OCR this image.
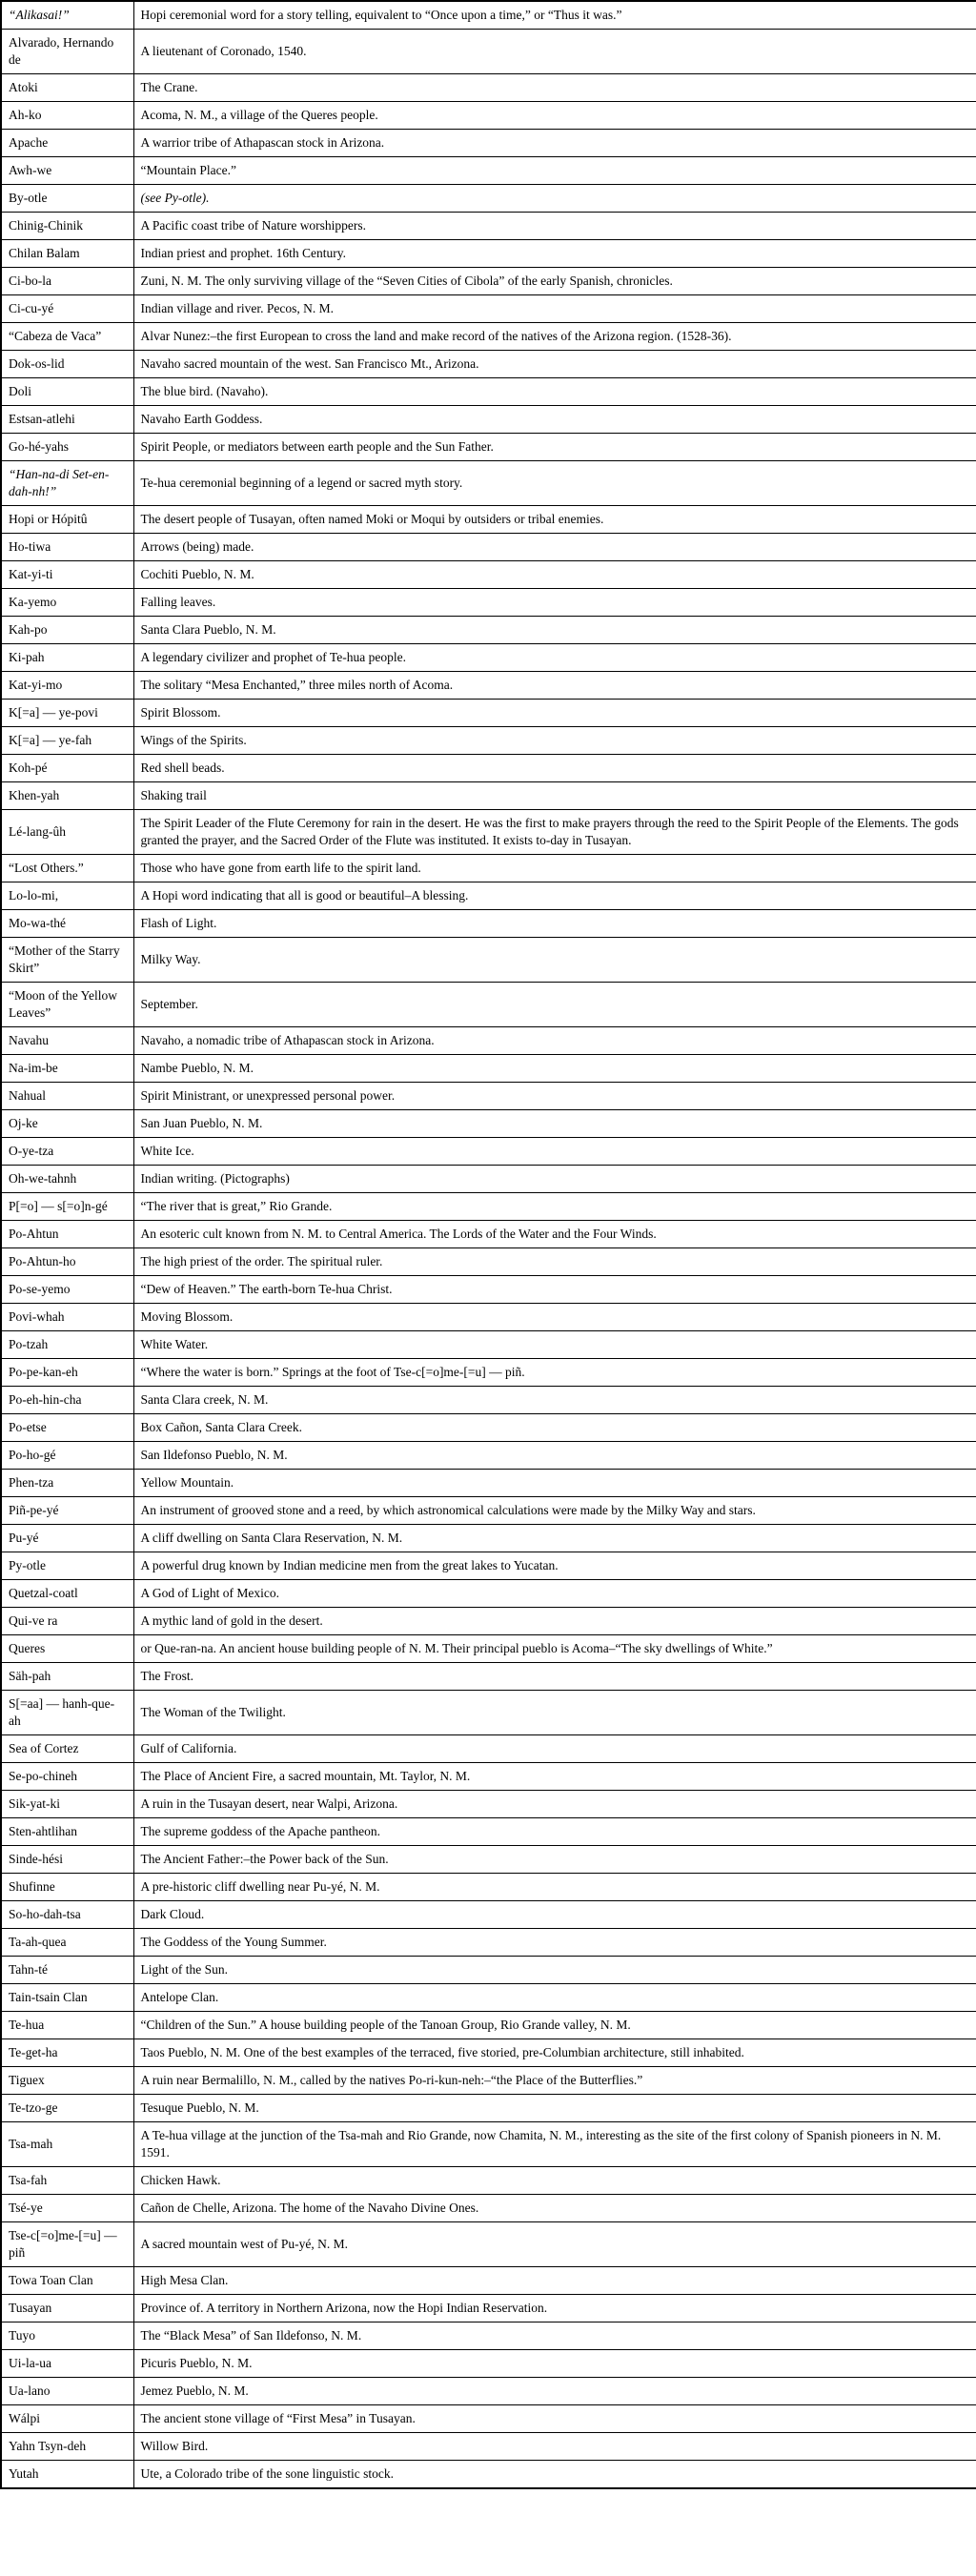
“Alikasai!”	Hopi ceremonial word for a story telling, equivalent to “Once upon a time,” or “Thus it was.”
Alvarado, Hernando de	A lieutenant of Coronado, 1540.
Atoki	The Crane.
Ah-ko	Acoma, N. M., a village of the Queres people.
Apache	A warrior tribe of Athapascan stock in Arizona.
Awh-we	“Mountain Place.”
By-otle	(see Py-otle).
Chinig-Chinik	A Pacific coast tribe of Nature worshippers.
Chilan Balam	Indian priest and prophet. 16th Century.
Ci-bo-la	Zuni, N. M. The only surviving village of the “Seven Cities of Cibola” of the early Spanish, chronicles.
Ci-cu-yé	Indian village and river. Pecos, N. M.
“Cabeza de Vaca”	Alvar Nunez:–the first European to cross the land and make record of the natives of the Arizona region. (1528-36).
Dok-os-lid	Navaho sacred mountain of the west. San Francisco Mt., Arizona.
Doli	The blue bird. (Navaho).
Estsan-atlehi	Navaho Earth Goddess.
Go-hé-yahs	Spirit People, or mediators between earth people and the Sun Father.
“Han-na-di Set-en-dah-nh!”	Te-hua ceremonial beginning of a legend or sacred myth story.
Hopi or Hópitû	The desert people of Tusayan, often named Moki or Moqui by outsiders or tribal enemies.
Ho-tiwa	Arrows (being) made.
Kat-yi-ti	Cochiti Pueblo, N. M.
Ka-yemo	Falling leaves.
Kah-po	Santa Clara Pueblo, N. M.
Ki-pah	A legendary civilizer and prophet of Te-hua people.
Kat-yi-mo	The solitary “Mesa Enchanted,” three miles north of Acoma.
K[=a] — ye-povi	Spirit Blossom.
K[=a] — ye-fah	Wings of the Spirits.
Koh-pé	Red shell beads.
Khen-yah	Shaking trail
Lé-lang-ûh	The Spirit Leader of the Flute Ceremony for rain in the desert. He was the first to make prayers through the reed to the Spirit People of the Elements. The gods granted the prayer, and the Sacred Order of the Flute was instituted. It exists to-day in Tusayan.
“Lost Others.”	Those who have gone from earth life to the spirit land.
Lo-lo-mi,	A Hopi word indicating that all is good or beautiful–A blessing.
Mo-wa-thé	Flash of Light.
“Mother of the Starry Skirt”	Milky Way.
“Moon of the Yellow Leaves”	September.
Navahu	Navaho, a nomadic tribe of Athapascan stock in Arizona.
Na-im-be	Nambe Pueblo, N. M.
Nahual	Spirit Ministrant, or unexpressed personal power.
Oj-ke	San Juan Pueblo, N. M.
O-ye-tza	White Ice.
Oh-we-tahnh	Indian writing. (Pictographs)
P[=o] — s[=o]n-gé	“The river that is great,” Rio Grande.
Po-Ahtun	An esoteric cult known from N. M. to Central America. The Lords of the Water and the Four Winds.
Po-Ahtun-ho	The high priest of the order. The spiritual ruler.
Po-se-yemo	“Dew of Heaven.” The earth-born Te-hua Christ.
Povi-whah	Moving Blossom.
Po-tzah	White Water.
Po-pe-kan-eh	“Where the water is born.” Springs at the foot of Tse-c[=o]me-[=u] — piñ.
Po-eh-hin-cha	Santa Clara creek, N. M.
Po-etse	Box Cañon, Santa Clara Creek.
Po-ho-gé	San Ildefonso Pueblo, N. M.
Phen-tza	Yellow Mountain.
Piñ-pe-yé	An instrument of grooved stone and a reed, by which astronomical calculations were made by the Milky Way and stars.
Pu-yé	A cliff dwelling on Santa Clara Reservation, N. M.
Py-otle	A powerful drug known by Indian medicine men from the great lakes to Yucatan.
Quetzal-coatl	A God of Light of Mexico.
Qui-ve ra	A mythic land of gold in the desert.
Queres	or Que-ran-na. An ancient house building people of N. M. Their principal pueblo is Acoma–“The sky dwellings of White.”
Säh-pah	The Frost.
S[=aa] — hanh-que-ah	The Woman of the Twilight.
Sea of Cortez	Gulf of California.
Se-po-chineh	The Place of Ancient Fire, a sacred mountain, Mt. Taylor, N. M.
Sik-yat-ki	A ruin in the Tusayan desert, near Walpi, Arizona.
Sten-ahtlihan	The supreme goddess of the Apache pantheon.
Sinde-hési	The Ancient Father:–the Power back of the Sun.
Shufinne	A pre-historic cliff dwelling near Pu-yé, N. M.
So-ho-dah-tsa	Dark Cloud.
Ta-ah-quea	The Goddess of the Young Summer.
Tahn-té	Light of the Sun.
Tain-tsain Clan	Antelope Clan.
Te-hua	“Children of the Sun.” A house building people of the Tanoan Group, Rio Grande valley, N. M.
Te-get-ha	Taos Pueblo, N. M. One of the best examples of the terraced, five storied, pre-Columbian architecture, still inhabited.
Tiguex	A ruin near Bermalillo, N. M., called by the natives Po-ri-kun-neh:–“the Place of the Butterflies.”
Te-tzo-ge	Tesuque Pueblo, N. M.
Tsa-mah	A Te-hua village at the junction of the Tsa-mah and Rio Grande, now Chamita, N. M., interesting as the site of the first colony of Spanish pioneers in N. M. 1591.
Tsa-fah	Chicken Hawk.
Tsé-ye	Cañon de Chelle, Arizona. The home of the Navaho Divine Ones.
Tse-c[=o]me-[=u] — piñ	A sacred mountain west of Pu-yé, N. M.
Towa Toan Clan	High Mesa Clan.
Tusayan	Province of. A territory in Northern Arizona, now the Hopi Indian Reservation.
Tuyo	The “Black Mesa” of San Ildefonso, N. M.
Ui-la-ua	Picuris Pueblo, N. M.
Ua-lano	Jemez Pueblo, N. M.
Wálpi	The ancient stone village of “First Mesa” in Tusayan.
Yahn Tsyn-deh	Willow Bird.
Yutah	Ute, a Colorado tribe of the sone linguistic stock.
